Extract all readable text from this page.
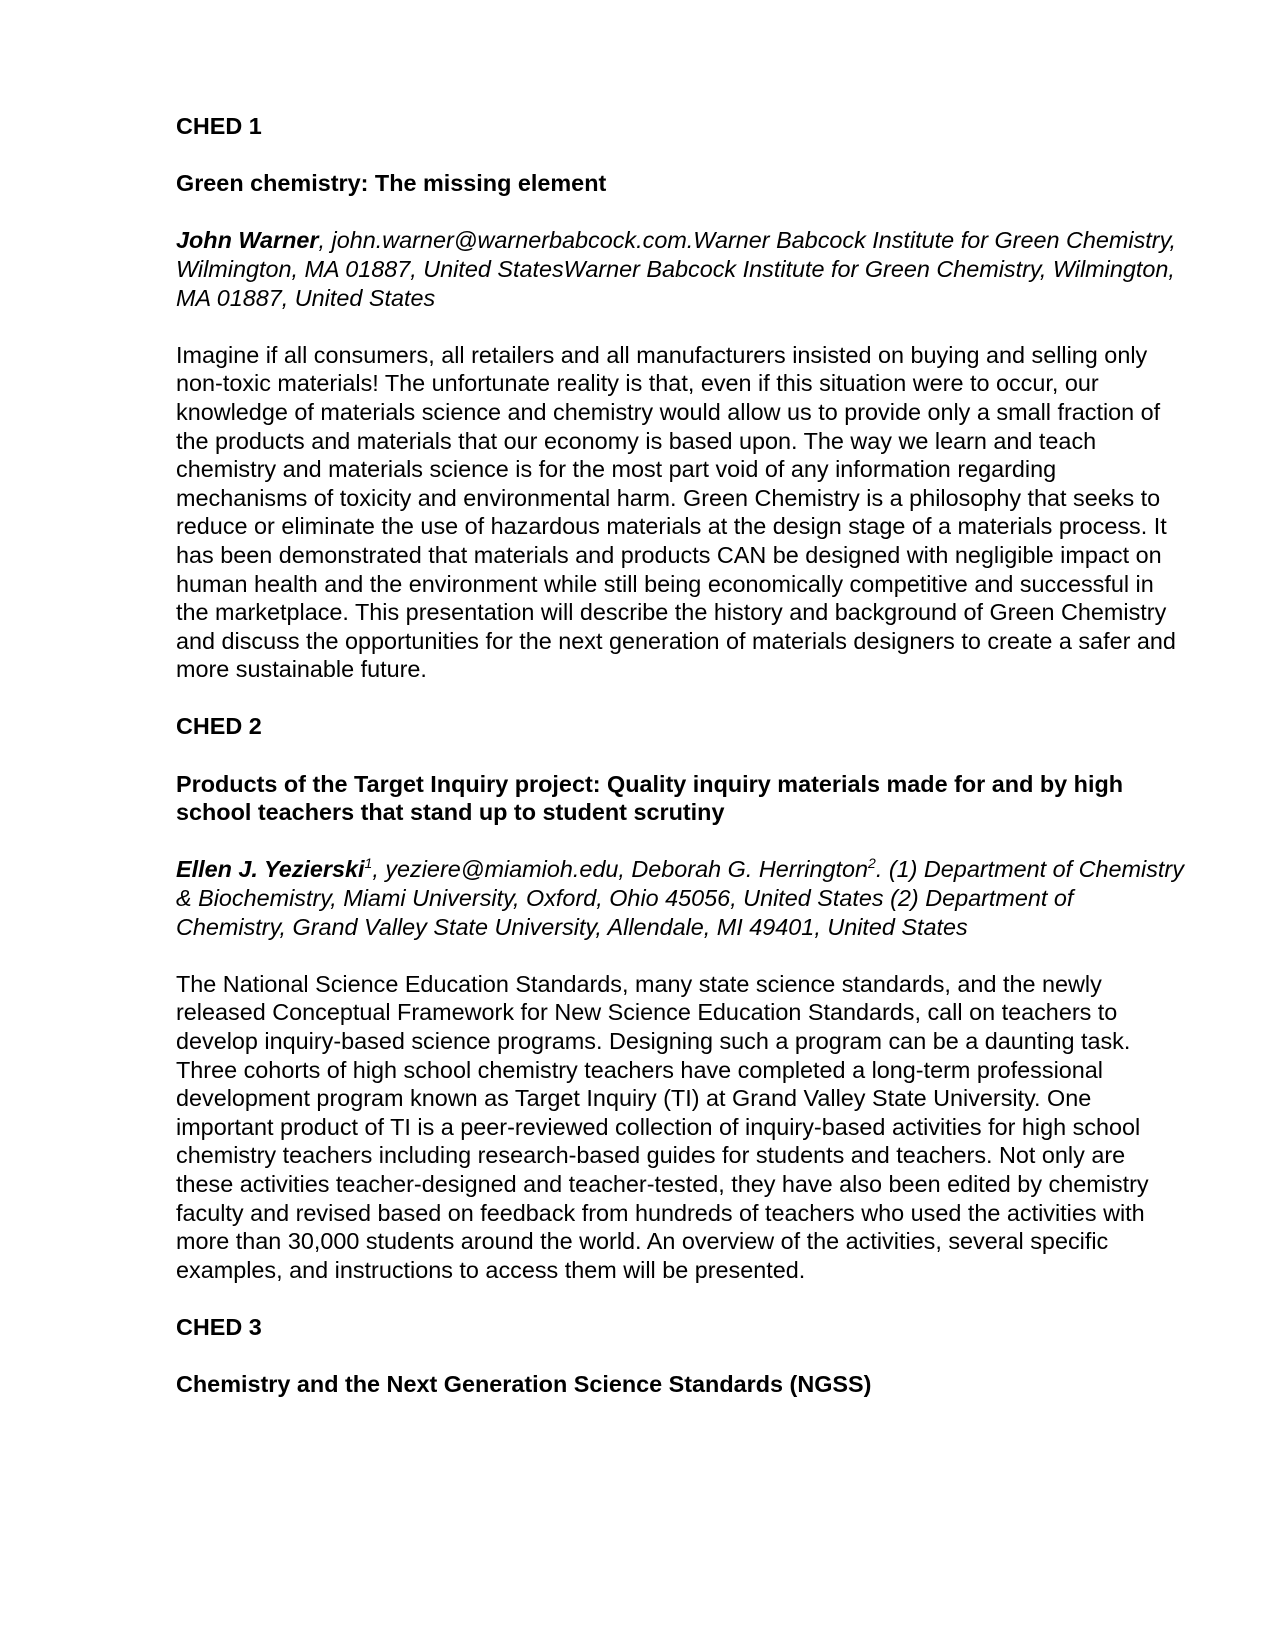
CHED 1

Green chemistry: The missing element

John Warner, john.warner@warnerbabcock.com.Warner Babcock Institute for Green Chemistry, Wilmington, MA 01887, United StatesWarner Babcock Institute for Green Chemistry, Wilmington, MA 01887, United States

Imagine if all consumers, all retailers and all manufacturers insisted on buying and selling only non-toxic materials! The unfortunate reality is that, even if this situation were to occur, our knowledge of materials science and chemistry would allow us to provide only a small fraction of the products and materials that our economy is based upon. The way we learn and teach chemistry and materials science is for the most part void of any information regarding mechanisms of toxicity and environmental harm. Green Chemistry is a philosophy that seeks to reduce or eliminate the use of hazardous materials at the design stage of a materials process. It has been demonstrated that materials and products CAN be designed with negligible impact on human health and the environment while still being economically competitive and successful in the marketplace. This presentation will describe the history and background of Green Chemistry and discuss the opportunities for the next generation of materials designers to create a safer and more sustainable future.

CHED 2

Products of the Target Inquiry project: Quality inquiry materials made for and by high school teachers that stand up to student scrutiny

Ellen J. Yezierski$^1$, yeziere@miamioh.edu, Deborah G. Herrington$^2$. (1) Department of Chemistry & Biochemistry, Miami University, Oxford, Ohio 45056, United States (2) Department of Chemistry, Grand Valley State University, Allendale, MI 49401, United States

The National Science Education Standards, many state science standards, and the newly released Conceptual Framework for New Science Education Standards, call on teachers to develop inquiry-based science programs. Designing such a program can be a daunting task. Three cohorts of high school chemistry teachers have completed a long-term professional development program known as Target Inquiry (TI) at Grand Valley State University. One important product of TI is a peer-reviewed collection of inquiry-based activities for high school chemistry teachers including research-based guides for students and teachers. Not only are these activities teacher-designed and teacher-tested, they have also been edited by chemistry faculty and revised based on feedback from hundreds of teachers who used the activities with more than 30,000 students around the world. An overview of the activities, several specific examples, and instructions to access them will be presented.

CHED 3

Chemistry and the Next Generation Science Standards (NGSS)
